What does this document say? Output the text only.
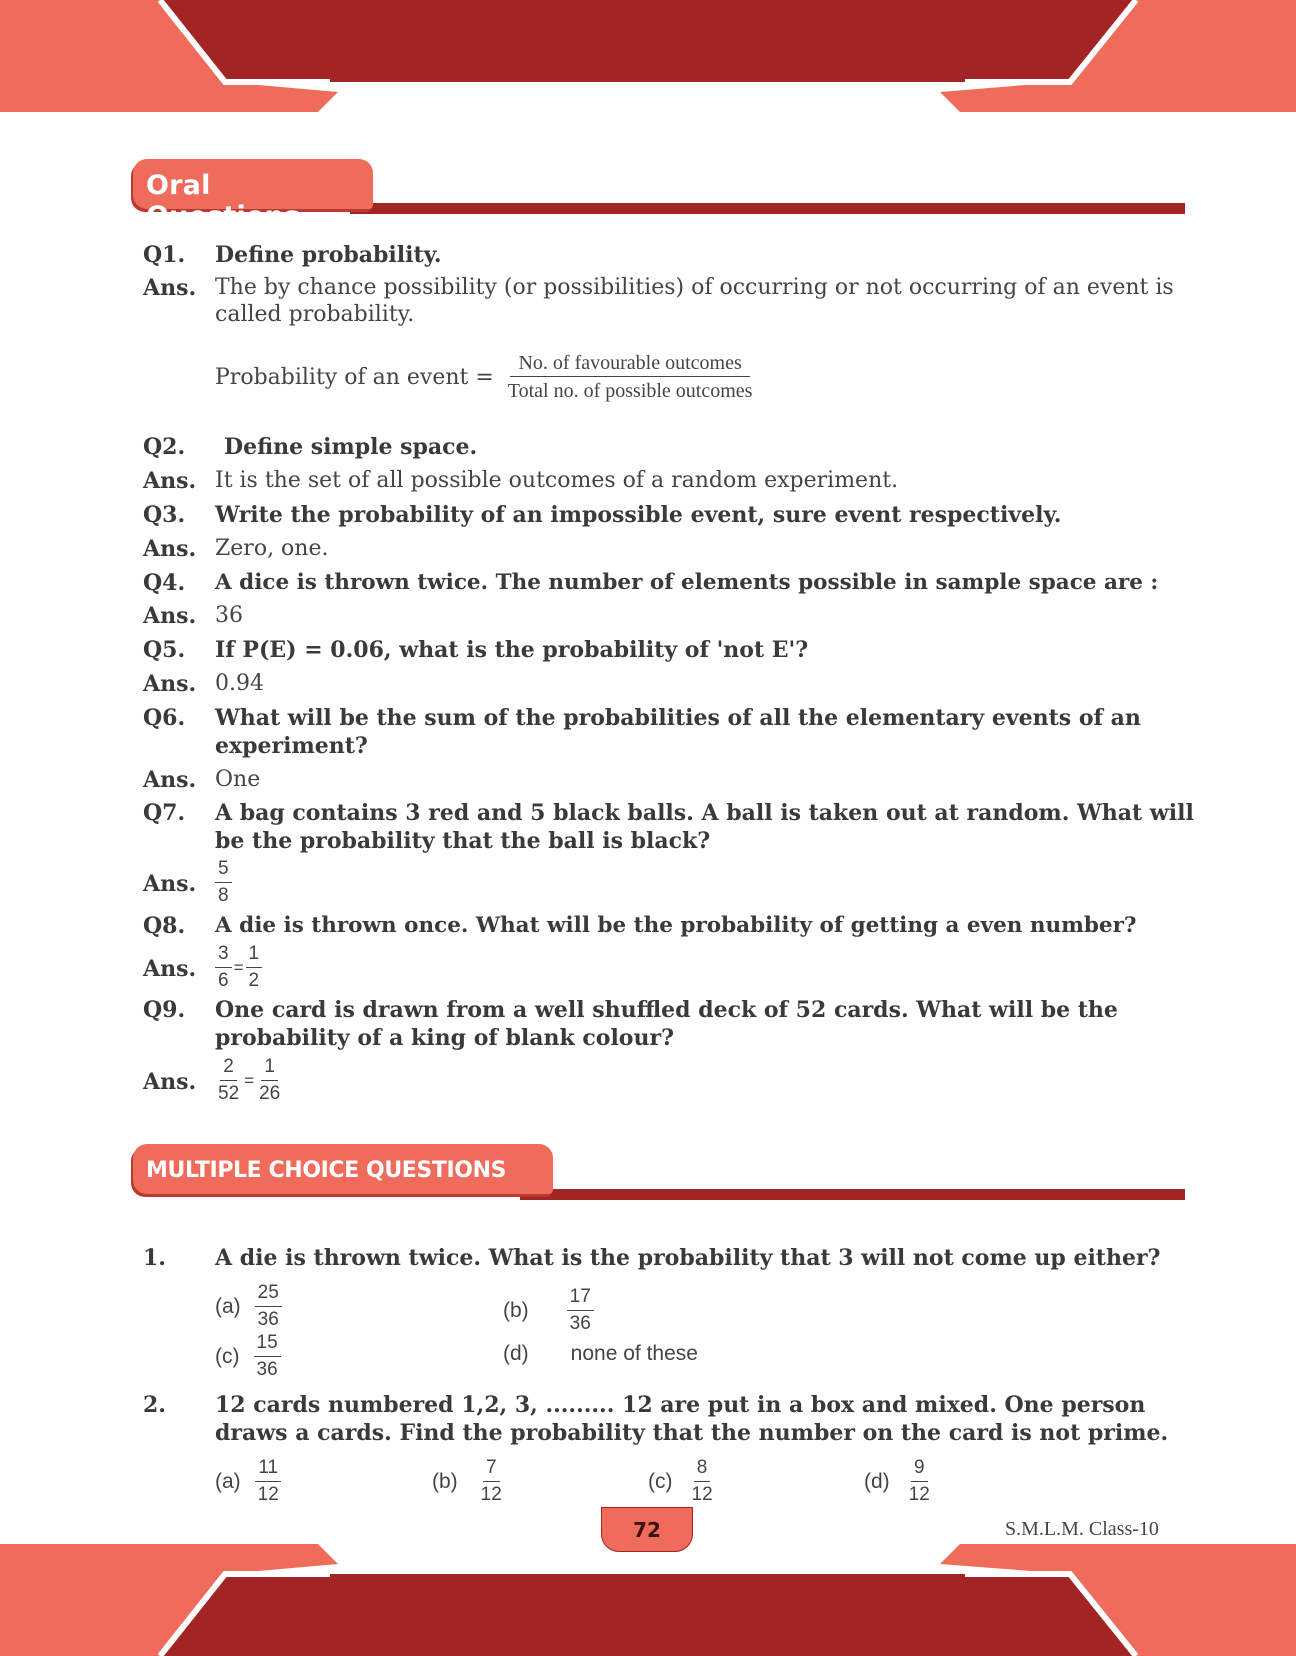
Oral Questions
Q1. Define probability.
Ans. The by chance possibility (or possibilities) of occurring or not occurring of an event is called probability.
Probability of an event = $\frac{\text{No. of favourable outcomes}}{\text{Total no. of possible outcomes}}$
Q2. Define simple space.
Ans. It is the set of all possible outcomes of a random experiment.
Q3. Write the probability of an impossible event, sure event respectively.
Ans. Zero, one.
Q4. A dice is thrown twice. The number of elements possible in sample space are :
Ans. 36
Q5. If P(E) = 0.06, what is the probability of 'not E'?
Ans. 0.94
Q6. What will be the sum of the probabilities of all the elementary events of an experiment?
Ans. One
Q7. A bag contains 3 red and 5 black balls. A ball is taken out at random. What will be the probability that the ball is black?
Ans. $\frac{5}{8}$
Q8. A die is thrown once. What will be the probability of getting a even number?
Ans. $\frac{3}{6} = \frac{1}{2}$
Q9. One card is drawn from a well shuffled deck of 52 cards. What will be the probability of a king of blank colour?
Ans. $\frac{2}{52} = \frac{1}{26}$
MULTIPLE CHOICE QUESTIONS
1. A die is thrown twice. What is the probability that 3 will not come up either?
$(a) \frac{25}{36}$	$(b) \frac{17}{36}$
$(c) \frac{15}{36}$	(d) none of these
2. 12 cards numbered 1,2, 3, ......... 12 are put in a box and mixed. One person draws a cards. Find the probability that the number on the card is not prime.
$(a) \frac{11}{12}$	$(b) \frac{7}{12}$	$(c) \frac{8}{12}$	$(d) \frac{9}{12}$
72	S.M.L.M. Class-10
